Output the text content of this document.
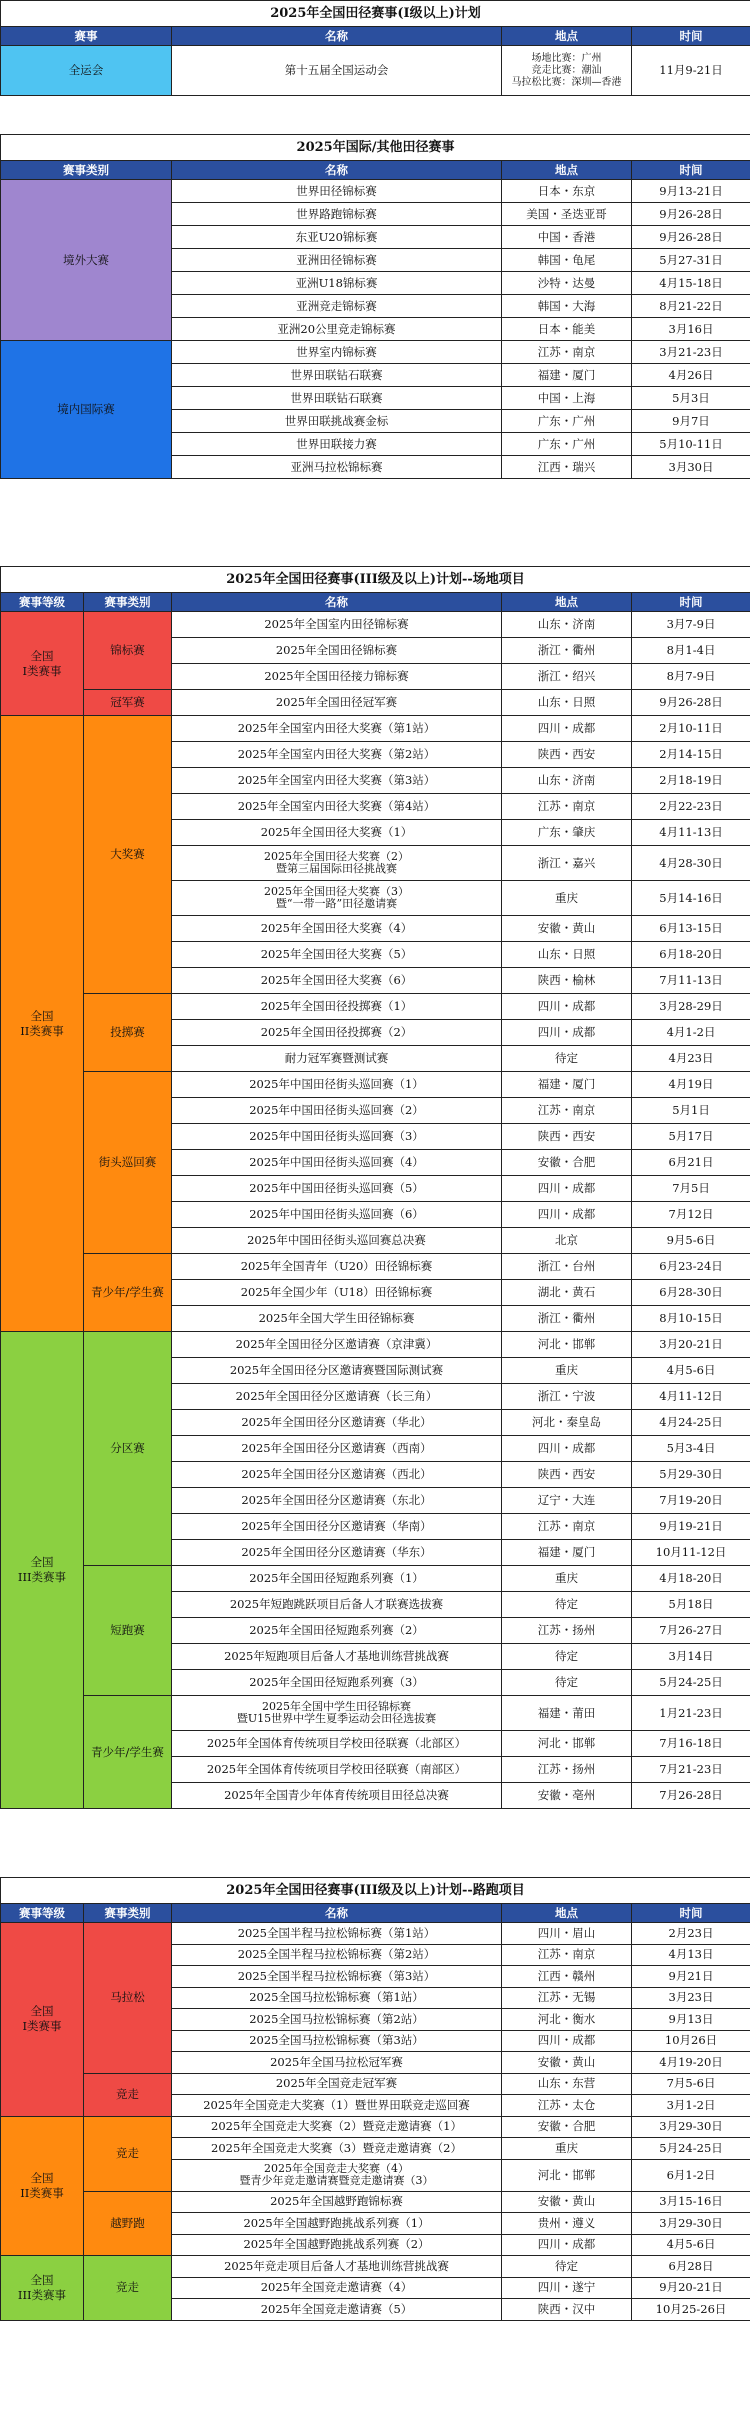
2025年全国田径赛事(I级以上)计划			
赛事	名称	地点	时间
全运会	第十五届全国运动会	场地比赛：广州
竞走比赛：潮汕
马拉松比赛：深圳—香港	11月9-21日
2025年国际/其他田径赛事			
赛事类别	名称	地点	时间
境外大赛	世界田径锦标赛	日本・东京	9月13-21日
	世界路跑锦标赛	美国・圣迭亚哥	9月26-28日
	东亚U20锦标赛	中国・香港	9月26-28日
	亚洲田径锦标赛	韩国・龟尾	5月27-31日
	亚洲U18锦标赛	沙特・达曼	4月15-18日
	亚洲竞走锦标赛	韩国・大海	8月21-22日
	亚洲20公里竞走锦标赛	日本・能美	3月16日
境内国际赛	世界室内锦标赛	江苏・南京	3月21-23日
	世界田联钻石联赛	福建・厦门	4月26日
	世界田联钻石联赛	中国・上海	5月3日
	世界田联挑战赛金标	广东・广州	9月7日
	世界田联接力赛	广东・广州	5月10-11日
	亚洲马拉松锦标赛	江西・瑞兴	3月30日
2025年全国田径赛事(III级及以上)计划--场地项目				
赛事等级	赛事类别	名称	地点	时间
全国
I类赛事	锦标赛	2025年全国室内田径锦标赛	山东・济南	3月7-9日
		2025年全国田径锦标赛	浙江・衢州	8月1-4日
		2025年全国田径接力锦标赛	浙江・绍兴	8月7-9日
	冠军赛	2025年全国田径冠军赛	山东・日照	9月26-28日
全国
II类赛事	大奖赛	2025年全国室内田径大奖赛（第1站）	四川・成都	2月10-11日
		2025年全国室内田径大奖赛（第2站）	陕西・西安	2月14-15日
		2025年全国室内田径大奖赛（第3站）	山东・济南	2月18-19日
		2025年全国室内田径大奖赛（第4站）	江苏・南京	2月22-23日
		2025年全国田径大奖赛（1）	广东・肇庆	4月11-13日
		2025年全国田径大奖赛（2）
暨第三届国际田径挑战赛	浙江・嘉兴	4月28-30日
		2025年全国田径大奖赛（3）
暨“一带一路”田径邀请赛	重庆	5月14-16日
		2025年全国田径大奖赛（4）	安徽・黄山	6月13-15日
		2025年全国田径大奖赛（5）	山东・日照	6月18-20日
		2025年全国田径大奖赛（6）	陕西・榆林	7月11-13日
	投掷赛	2025年全国田径投掷赛（1）	四川・成都	3月28-29日
		2025年全国田径投掷赛（2）	四川・成都	4月1-2日
		耐力冠军赛暨测试赛	待定	4月23日
	街头巡回赛	2025年中国田径街头巡回赛（1）	福建・厦门	4月19日
		2025年中国田径街头巡回赛（2）	江苏・南京	5月1日
		2025年中国田径街头巡回赛（3）	陕西・西安	5月17日
		2025年中国田径街头巡回赛（4）	安徽・合肥	6月21日
		2025年中国田径街头巡回赛（5）	四川・成都	7月5日
		2025年中国田径街头巡回赛（6）	四川・成都	7月12日
		2025年中国田径街头巡回赛总决赛	北京	9月5-6日
	青少年/学生赛	2025年全国青年（U20）田径锦标赛	浙江・台州	6月23-24日
		2025年全国少年（U18）田径锦标赛	湖北・黄石	6月28-30日
		2025年全国大学生田径锦标赛	浙江・衢州	8月10-15日
全国
III类赛事	分区赛	2025年全国田径分区邀请赛（京津冀）	河北・邯郸	3月20-21日
		2025年全国田径分区邀请赛暨国际测试赛	重庆	4月5-6日
		2025年全国田径分区邀请赛（长三角）	浙江・宁波	4月11-12日
		2025年全国田径分区邀请赛（华北）	河北・秦皇岛	4月24-25日
		2025年全国田径分区邀请赛（西南）	四川・成都	5月3-4日
		2025年全国田径分区邀请赛（西北）	陕西・西安	5月29-30日
		2025年全国田径分区邀请赛（东北）	辽宁・大连	7月19-20日
		2025年全国田径分区邀请赛（华南）	江苏・南京	9月19-21日
		2025年全国田径分区邀请赛（华东）	福建・厦门	10月11-12日
	短跑赛	2025年全国田径短跑系列赛（1）	重庆	4月18-20日
		2025年短跑跳跃项目后备人才联赛选拔赛	待定	5月18日
		2025年全国田径短跑系列赛（2）	江苏・扬州	7月26-27日
		2025年短跑项目后备人才基地训练营挑战赛	待定	3月14日
		2025年全国田径短跑系列赛（3）	待定	5月24-25日
	青少年/学生赛	2025年全国中学生田径锦标赛
暨U15世界中学生夏季运动会田径选拔赛	福建・莆田	1月21-23日
		2025年全国体育传统项目学校田径联赛（北部区）	河北・邯郸	7月16-18日
		2025年全国体育传统项目学校田径联赛（南部区）	江苏・扬州	7月21-23日
		2025年全国青少年体育传统项目田径总决赛	安徽・亳州	7月26-28日
2025年全国田径赛事(III级及以上)计划--路跑项目				
赛事等级	赛事类别	名称	地点	时间
全国
I类赛事	马拉松	2025全国半程马拉松锦标赛（第1站）	四川・眉山	2月23日
		2025全国半程马拉松锦标赛（第2站）	江苏・南京	4月13日
		2025全国半程马拉松锦标赛（第3站）	江西・赣州	9月21日
		2025全国马拉松锦标赛（第1站）	江苏・无锡	3月23日
		2025全国马拉松锦标赛（第2站）	河北・衡水	9月13日
		2025全国马拉松锦标赛（第3站）	四川・成都	10月26日
		2025年全国马拉松冠军赛	安徽・黄山	4月19-20日
	竞走	2025年全国竞走冠军赛	山东・东营	7月5-6日
		2025年全国竞走大奖赛（1）暨世界田联竞走巡回赛	江苏・太仓	3月1-2日
全国
II类赛事	竞走	2025年全国竞走大奖赛（2）暨竞走邀请赛（1）	安徽・合肥	3月29-30日
		2025年全国竞走大奖赛（3）暨竞走邀请赛（2）	重庆	5月24-25日
		2025年全国竞走大奖赛（4）
暨青少年竞走邀请赛暨竞走邀请赛（3）	河北・邯郸	6月1-2日
	越野跑	2025年全国越野跑锦标赛	安徽・黄山	3月15-16日
		2025年全国越野跑挑战系列赛（1）	贵州・遵义	3月29-30日
		2025年全国越野跑挑战系列赛（2）	四川・成都	4月5-6日
全国
III类赛事	竞走	2025年竞走项目后备人才基地训练营挑战赛	待定	6月28日
		2025年全国竞走邀请赛（4）	四川・遂宁	9月20-21日
		2025年全国竞走邀请赛（5）	陕西・汉中	10月25-26日
